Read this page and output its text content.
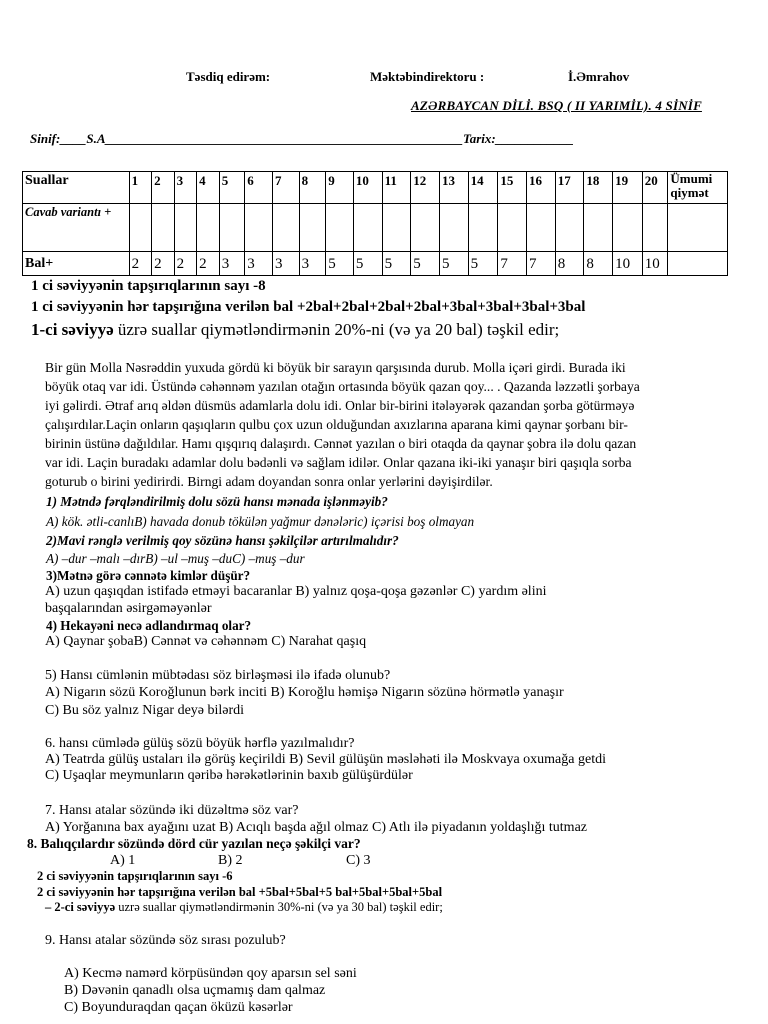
Təsdiq edirəm:	Məktəbindirektoru :	İ.Əmrahov
AZƏRBAYCAN DİLİ. BSQ ( II YARIMİL). 4 SİNİF
Sinif:____S.A_______________________________________________________Tarix:____________
Suallar	1	2	3	4	5	6	7	8	9	10	11	12	13	14	15	16	17	18	19	20	Ümumi qiymət
Cavab variantı +																					
Bal+	2	2	2	2	3	3	3	3	5	5	5	5	5	5	7	7	8	8	10	10	
1 ci səviyyənin tapşırıqlarının sayı -8
1 ci səviyyənin hər tapşırığına verilən bal +2bal+2bal+2bal+2bal+3bal+3bal+3bal+3bal
1-ci səviyyə üzrə suallar qiymətləndirmənin 20%-ni (və ya 20 bal) təşkil edir;
Bir gün Molla Nəsrəddin yuxuda gördü ki böyük bir sarayın qarşısında durub. Molla içəri girdi. Burada iki
böyük otaq var idi. Üstündə cəhənnəm yazılan otağın ortasında böyük qazan qoy... . Qazanda ləzzətli şorbaya
iyi gəlirdi. Ətraf arıq əldən düsmüs adamlarla dolu idi. Onlar bir-birini itələyərək qazandan şorba götürməyə
çalışırdılar.Laçin onların qaşıqların qulbu çox uzun olduğundan axızlarına aparana kimi qaynar şorbanı bir-
birinin üstünə dağıldılar. Hamı qışqırıq dalaşırdı. Cənnət yazılan o biri otaqda da qaynar şobra ilə dolu qazan
var idi. Laçin buradakı adamlar dolu bədənli və sağlam idilər. Onlar qazana iki-iki yanaşır biri qaşıqla sorba
goturub o birini yedirirdi. Birngi adam doyandan sonra onlar yerlərini dəyişirdilər.
1) Mətndə fərqləndirilmiş dolu sözü hansı mənada işlənməyib?
A) kök. ətli-canlıB) havada donub tökülən yağmur dənələric) içərisi boş olmayan
2)Mavi rənglə verilmiş qoy sözünə hansı şəkilçilər artırılmalıdır?
A) –dur –malı –dırB) –ul –muş –duC) –muş –dur
3)Mətnə görə cənnətə kimlər düşür?
A) uzun qaşıqdan istifadə etməyi bacaranlar B) yalnız qoşa-qoşa gəzənlər C) yardım əlini
başqalarından əsirgəməyənlər
4) Hekayəni necə adlandırmaq olar?
A) Qaynar şobaB) Cənnət və cəhənnəm C) Narahat qaşıq
5) Hansı cümlənin mübtədası söz birləşməsi ilə ifadə olunub?
A) Nigarın sözü Koroğlunun bərk inciti B) Koroğlu həmişə Nigarın sözünə hörmətlə yanaşır
C) Bu söz yalnız Nigar deyə bilərdi
6. hansı cümlədə gülüş sözü böyük hərflə yazılmalıdır?
A) Teatrda gülüş ustaları ilə görüş keçirildi B) Sevil gülüşün məsləhəti ilə Moskvaya oxumağa getdi
C) Uşaqlar meymunların qəribə hərəkətlərinin baxıb gülüşürdülər
7. Hansı atalar sözündə iki düzəltmə söz var?
A) Yorğanına bax ayağını uzat B) Acıqlı başda ağıl olmaz C) Atlı ilə piyadanın yoldaşlığı tutmaz
8. Balıqçılardır sözündə dörd cür yazılan neçə şəkilçi var?
A) 1	B) 2	C) 3
2 ci səviyyənin tapşırıqlarının sayı -6
2 ci səviyyənin hər tapşırığına verilən bal +5bal+5bal+5 bal+5bal+5bal+5bal
– 2-ci səviyyə uzrə suallar qiymətləndirmənin 30%-ni (və ya 30 bal) təşkil edir;
9. Hansı atalar sözündə söz sırası pozulub?
A) Kecmə namərd körpüsündən qoy aparsın sel səni
B) Dəvənin qanadlı olsa uçmamış dam qalmaz
C) Boyunduraqdan qaçan öküzü kəsərlər
